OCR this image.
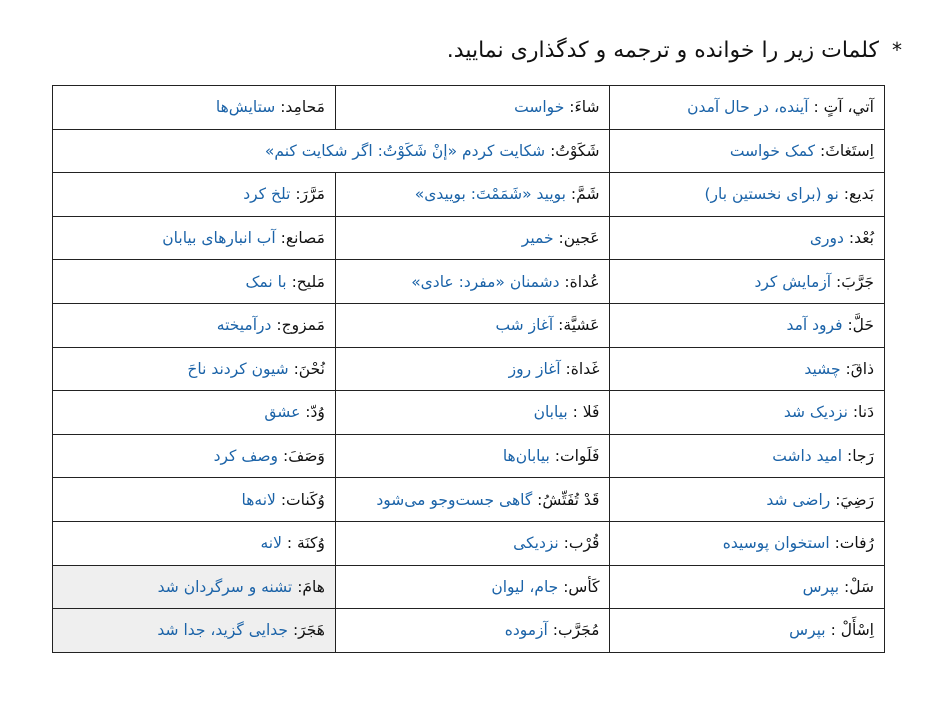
* کلمات زیر را خوانده و ترجمه و کدگذاری نمایید.
آتي، آتٍ : آینده، در حال آمدن	شاءَ: خواست	مَحامِد: ستایش‌ها
اِستَغاثَ: کمک خواست	شَکَوْتُ: شکایت کردم «إنْ شَکَوْتُ: اگر شکایت کنم»	
بَدیع: نو (برای نخستین بار)	شَمَّ: بویید «شَمَمْتَ: بوییدی»	مَرَّرَ: تلخ کرد
بُعْد: دوری	عَجین: خمیر	مَصانع: آب انبارهای بیابان
جَرَّبَ: آزمایش کرد	عُداة: دشمنان «مفرد: عادی»	مَلیح: با نمک
حَلَّ: فرود آمد	عَشیَّة: آغاز شب	مَمزوج: درآمیخته
ذاقَ: چشید	غَداة: آغاز روز	نُحْنَ: شیون کردند ناحَ
دَنا: نزدیک شد	فَلا : بیابان	وُدّ: عشق
رَجا: امید داشت	فَلَوات: بیابان‌ها	وَصَفَ: وصف کرد
رَضِيَ: راضی شد	قَدْ تُفَتِّشُ: گاهی جست‌وجو می‌شود	وُکَنات: لانه‌ها
رُفات: استخوان پوسیده	قُرْب: نزدیکی	وُکنَة : لانه
سَلْ: بپرس	کَأس: جام، لیوان	هامَ: تشنه و سرگردان شد
اِسْأَلْ : بپرس	مُجَرَّب: آزموده	هَجَرَ: جدایی گزید، جدا شد
